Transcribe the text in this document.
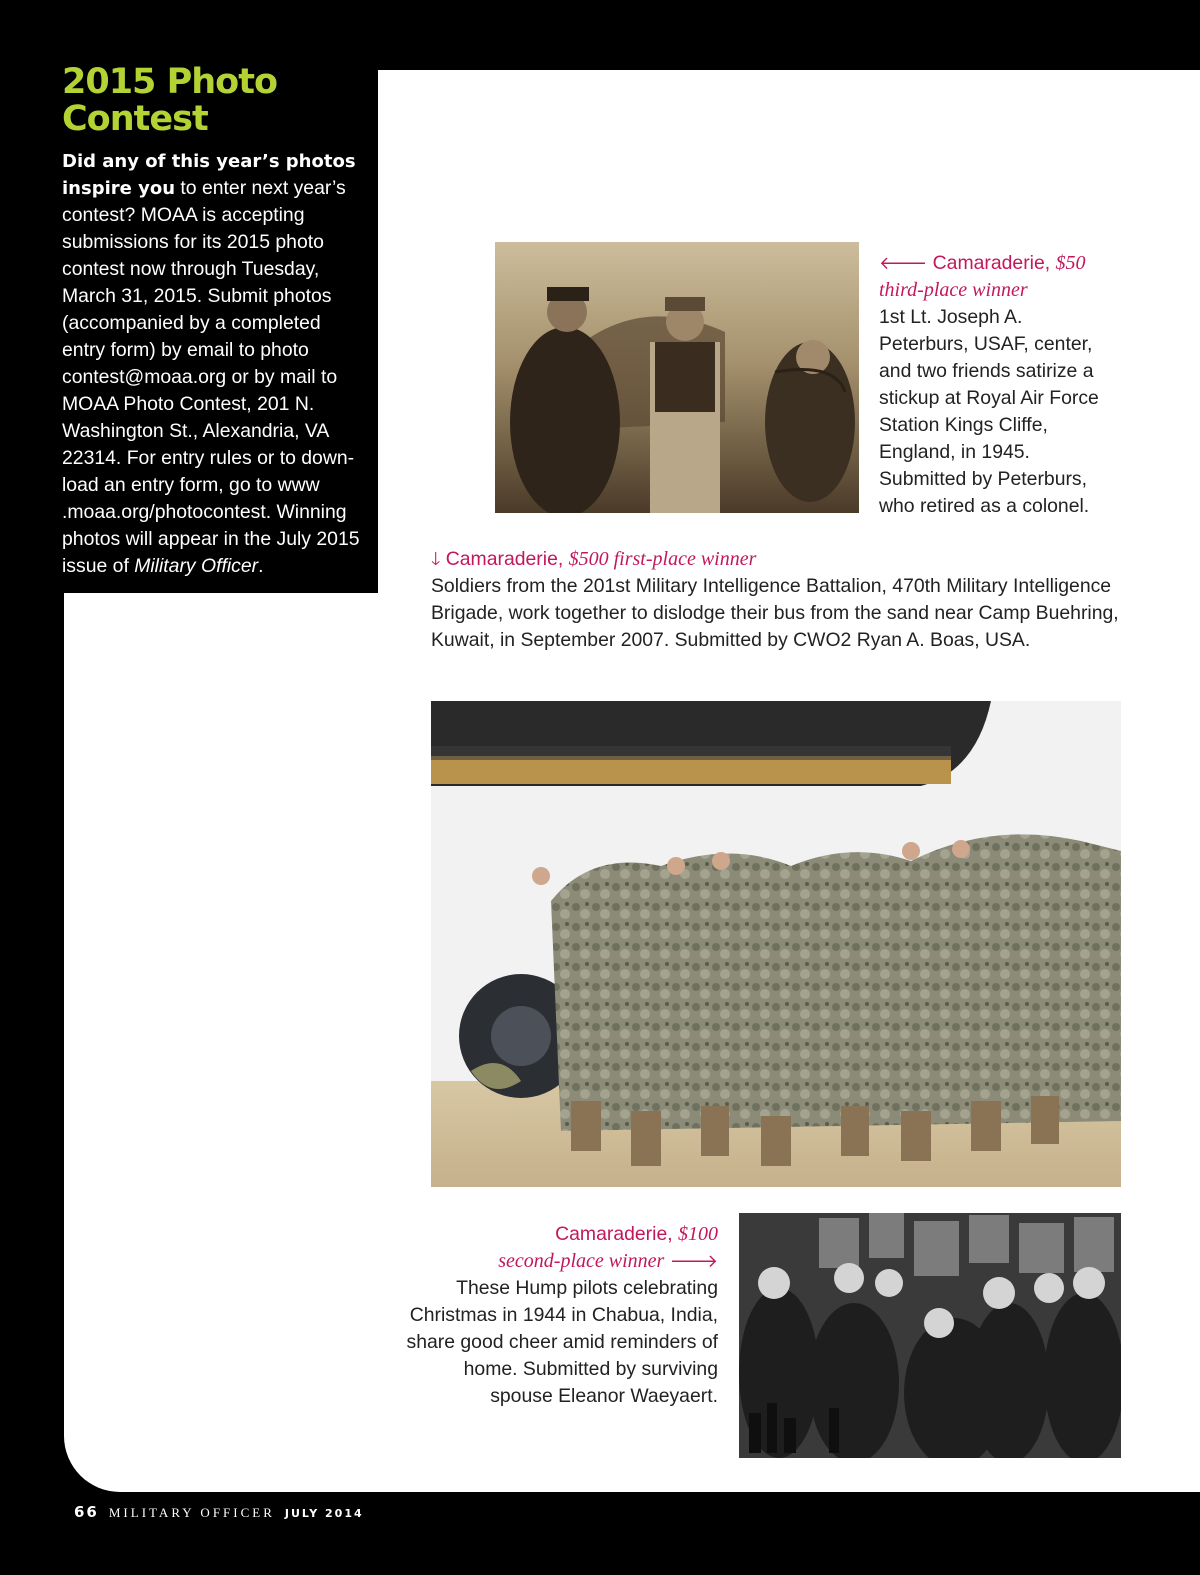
2015 Photo
Contest

Did any of this year’s photos inspire you to enter next year’s contest? MOAA is accepting submissions for its 2015 photo contest now through Tuesday, March 31, 2015. Submit photos (accompanied by a completed entry form) by email to photo contest@moaa.org or by mail to MOAA Photo Contest, 201 N. Washington St., Alexandria, VA 22314. For entry rules or to down-load an entry form, go to www .moaa.org/photocontest. Winning photos will appear in the July 2015 issue of Military Officer.

🡐 Camaraderie, $50
third-place winner
1st Lt. Joseph A. Peterburs, USAF, center, and two friends satirize a stickup at Royal Air Force Station Kings Cliffe, England, in 1945. Submitted by Peterburs, who retired as a colonel.

🡓 Camaraderie, $500 first-place winner
Soldiers from the 201st Military Intelligence Battalion, 470th Military Intelligence Brigade, work together to dislodge their bus from the sand near Camp Buehring, Kuwait, in September 2007. Submitted by CWO2 Ryan A. Boas, USA.

Camaraderie, $100
second-place winner 🡒
These Hump pilots celebrating Christmas in 1944 in Chabua, India, share good cheer amid reminders of home. Submitted by surviving spouse Eleanor Waeyaert.

66 MILITARY OFFICER JULY 2014
